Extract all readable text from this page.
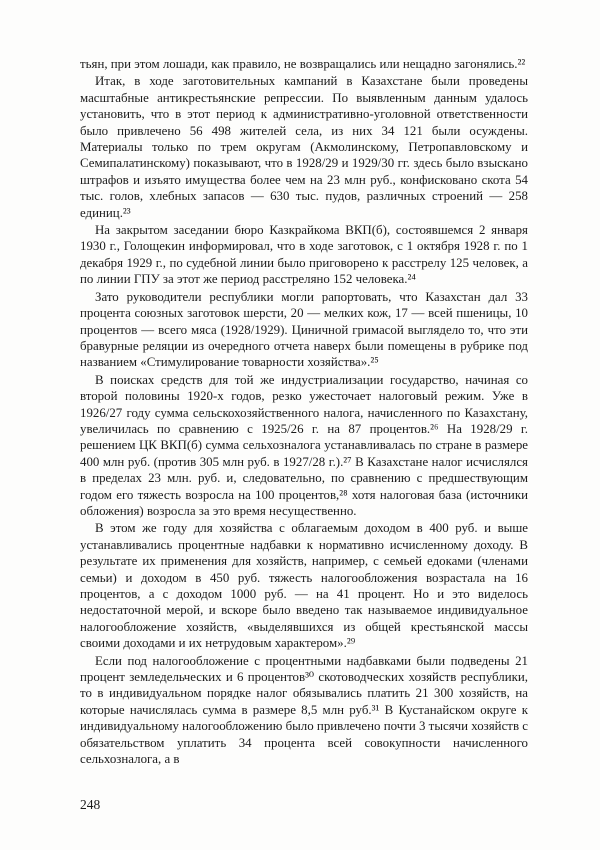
тьян, при этом лошади, как правило, не возвращались или нещадно загонялись.²²

Итак, в ходе заготовительных кампаний в Казахстане были проведены масштабные антикрестьянские репрессии. По выявленным данным удалось установить, что в этот период к административно-уголовной ответственности было привлечено 56 498 жителей села, из них 34 121 были осуждены. Материалы только по трем округам (Акмолинскому, Петропавловскому и Семипалатинскому) показывают, что в 1928/29 и 1929/30 гг. здесь было взыскано штрафов и изъято имущества более чем на 23 млн руб., конфисковано скота 54 тыс. голов, хлебных запасов — 630 тыс. пудов, различных строений — 258 единиц.²³

На закрытом заседании бюро Казкрайкома ВКП(б), состоявшемся 2 января 1930 г., Голощекин информировал, что в ходе заготовок, с 1 октября 1928 г. по 1 декабря 1929 г., по судебной линии было приговорено к расстрелу 125 человек, а по линии ГПУ за этот же период расстреляно 152 человека.²⁴

Зато руководители республики могли рапортовать, что Казахстан дал 33 процента союзных заготовок шерсти, 20 — мелких кож, 17 — всей пшеницы, 10 процентов — всего мяса (1928/1929). Циничной гримасой выглядело то, что эти бравурные реляции из очередного отчета наверх были помещены в рубрике под названием «Стимулирование товарности хозяйства».²⁵

В поисках средств для той же индустриализации государство, начиная со второй половины 1920-х годов, резко ужесточает налоговый режим. Уже в 1926/27 году сумма сельскохозяйственного налога, начисленного по Казахстану, увеличилась по сравнению с 1925/26 г. на 87 процентов.²⁶ На 1928/29 г. решением ЦК ВКП(б) сумма сельхозналога устанавливалась по стране в размере 400 млн руб. (против 305 млн руб. в 1927/28 г.).²⁷ В Казахстане налог исчислялся в пределах 23 млн. руб. и, следовательно, по сравнению с предшествующим годом его тяжесть возросла на 100 процентов,²⁸ хотя налоговая база (источники обложения) возросла за это время несущественно.

В этом же году для хозяйства с облагаемым доходом в 400 руб. и выше устанавливались процентные надбавки к нормативно исчисленному доходу. В результате их применения для хозяйств, например, с семьей едоками (членами семьи) и доходом в 450 руб. тяжесть налогообложения возрастала на 16 процентов, а с доходом 1000 руб. — на 41 процент. Но и это виделось недостаточной мерой, и вскоре было введено так называемое индивидуальное налогообложение хозяйств, «выделявшихся из общей крестьянской массы своими доходами и их нетрудовым характером».²⁹

Если под налогообложение с процентными надбавками были подведены 21 процент земледельческих и 6 процентов³⁰ скотоводческих хозяйств республики, то в индивидуальном порядке налог обязывались платить 21 300 хозяйств, на которые начислялась сумма в размере 8,5 млн руб.³¹ В Кустанайском округе к индивидуальному налогообложению было привлечено почти 3 тысячи хозяйств с обязательством уплатить 34 процента всей совокупности начисленного сельхозналога, а в

248
